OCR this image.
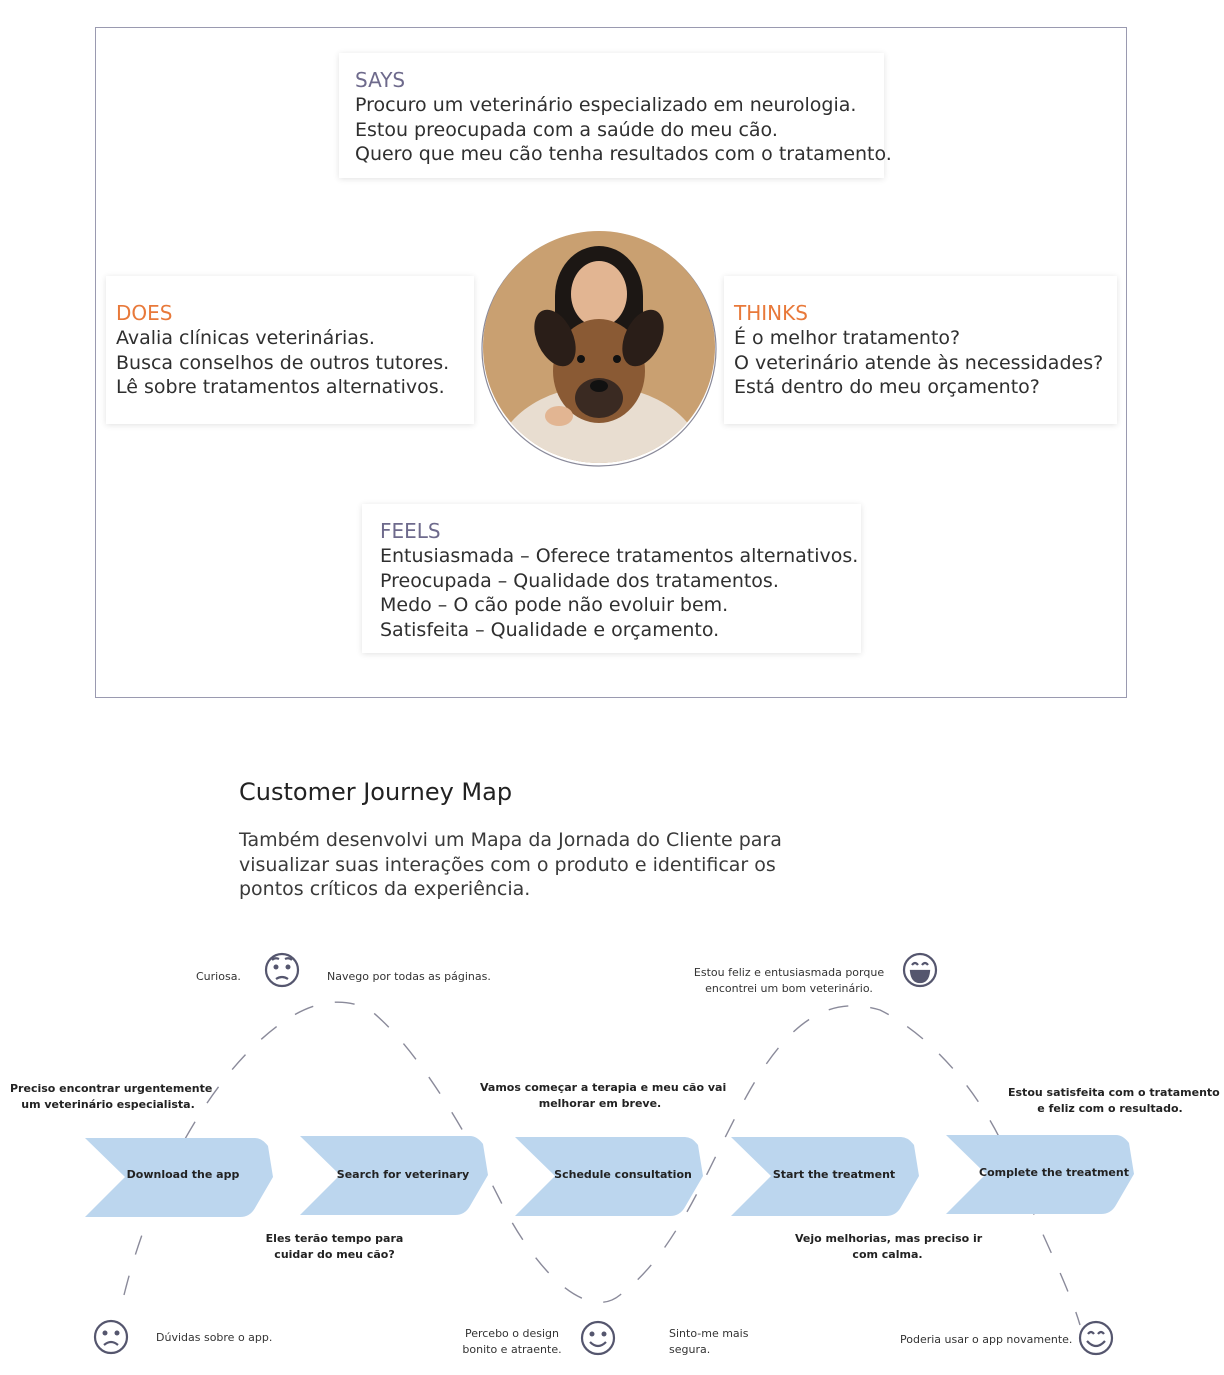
SAYS
Procuro um veterinário especializado em neurologia.
Estou preocupada com a saúde do meu cão.
Quero que meu cão tenha resultados com o tratamento.
DOES
Avalia clínicas veterinárias.
Busca conselhos de outros tutores.
Lê sobre tratamentos alternativos.
THINKS
É o melhor tratamento?
O veterinário atende às necessidades?
Está dentro do meu orçamento?
FEELS
Entusiasmada – Oferece tratamentos alternativos.
Preocupada – Qualidade dos tratamentos.
Medo – O cão pode não evoluir bem.
Satisfeita – Qualidade e orçamento.
Customer Journey Map
Também desenvolvi um Mapa da Jornada do Cliente para
visualizar suas interações com o produto e identificar os
pontos críticos da experiência.
Download the app	Search for veterinary	Schedule consultation	Start the treatment	Complete the treatment
Preciso encontrar urgentemente
um veterinário especialista.
Eles terão tempo para
cuidar do meu cão?
Vamos começar a terapia e meu cão vai
melhorar em breve.
Vejo melhorias, mas preciso ir
com calma.
Estou satisfeita com o tratamento
e feliz com o resultado.
Curiosa.	Navego por todas as páginas.
Dúvidas sobre o app.	Percebo o design
bonito e atraente.
Sinto-me mais
segura.
Estou feliz e entusiasmada porque
encontrei um bom veterinário.
Poderia usar o app novamente.
